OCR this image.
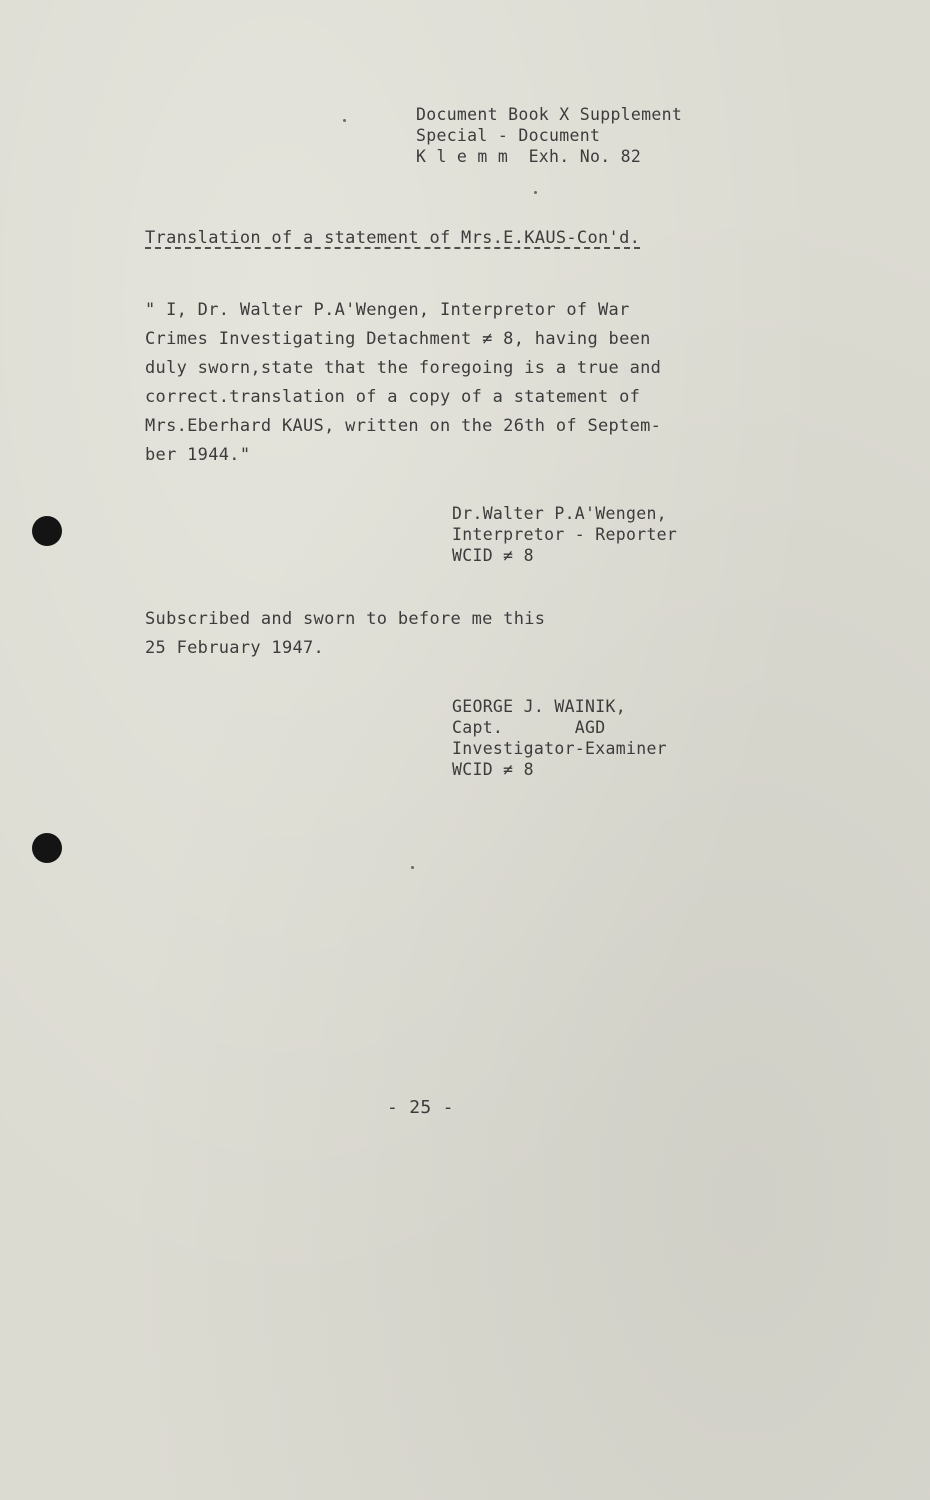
Document Book X Supplement
Special - Document
K l e m m  Exh. No. 82
Translation of a statement of Mrs.E.KAUS-Con'd.
" I, Dr. Walter P.A'Wengen, Interpretor of War
Crimes Investigating Detachment ≠ 8, having been
duly sworn,state that the foregoing is a true and
correct.translation of a copy of a statement of
Mrs.Eberhard KAUS, written on the 26th of Septem-
ber 1944."
Dr.Walter P.A'Wengen,
Interpretor - Reporter
WCID ≠ 8
Subscribed and sworn to before me this
25 February 1947.
GEORGE J. WAINIK,
Capt.       AGD
Investigator-Examiner
WCID ≠ 8
- 25 -
